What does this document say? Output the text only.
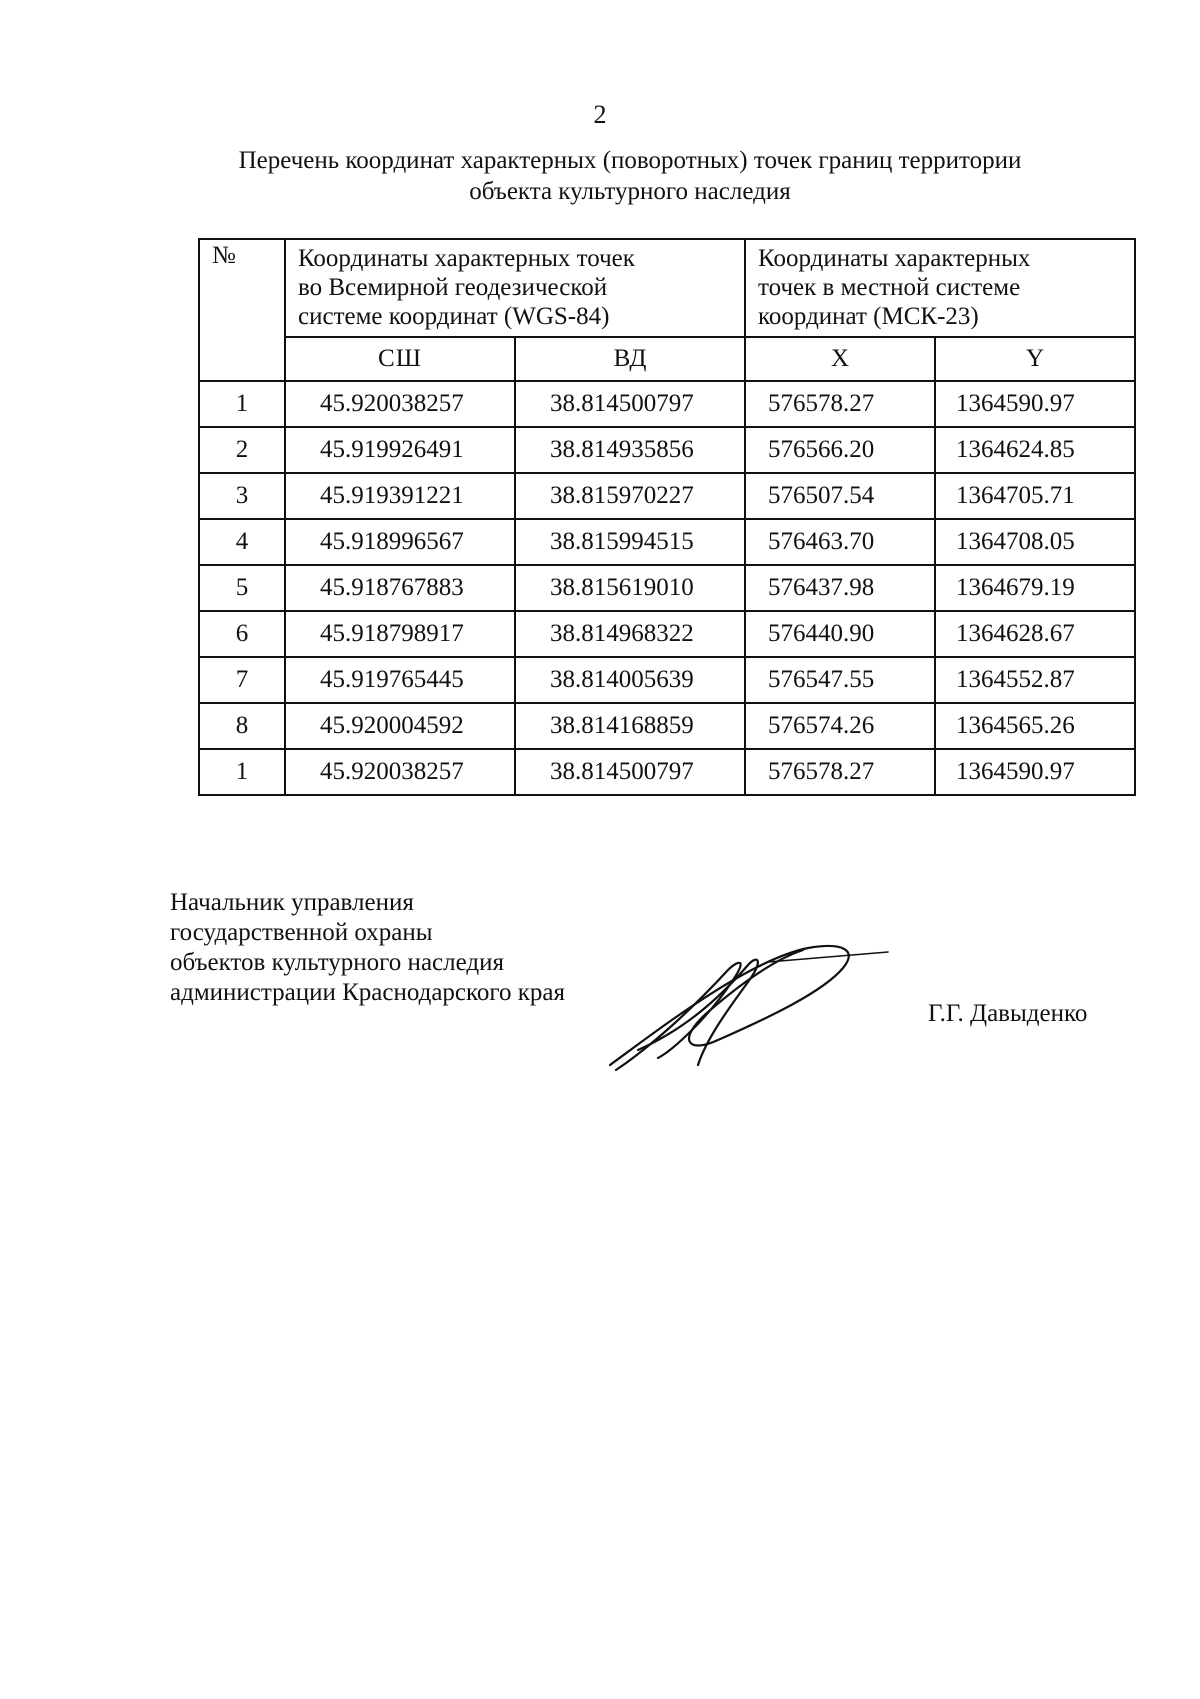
2
Перечень координат характерных (поворотных) точек границ территории
объекта культурного наследия
№	Координаты характерных точек
во Всемирной геодезической
системе координат (WGS-84)		Координаты характерных
точек в местной системе
координат (МСК-23)	

	СШ	ВД	X	Y
1	45.920038257	38.814500797	576578.27	1364590.97
2	45.919926491	38.814935856	576566.20	1364624.85
3	45.919391221	38.815970227	576507.54	1364705.71
4	45.918996567	38.815994515	576463.70	1364708.05
5	45.918767883	38.815619010	576437.98	1364679.19
6	45.918798917	38.814968322	576440.90	1364628.67
7	45.919765445	38.814005639	576547.55	1364552.87
8	45.920004592	38.814168859	576574.26	1364565.26
1	45.920038257	38.814500797	576578.27	1364590.97
Начальник управления
государственной охраны
объектов культурного наследия
администрации Краснодарского края
Г.Г. Давыденко
